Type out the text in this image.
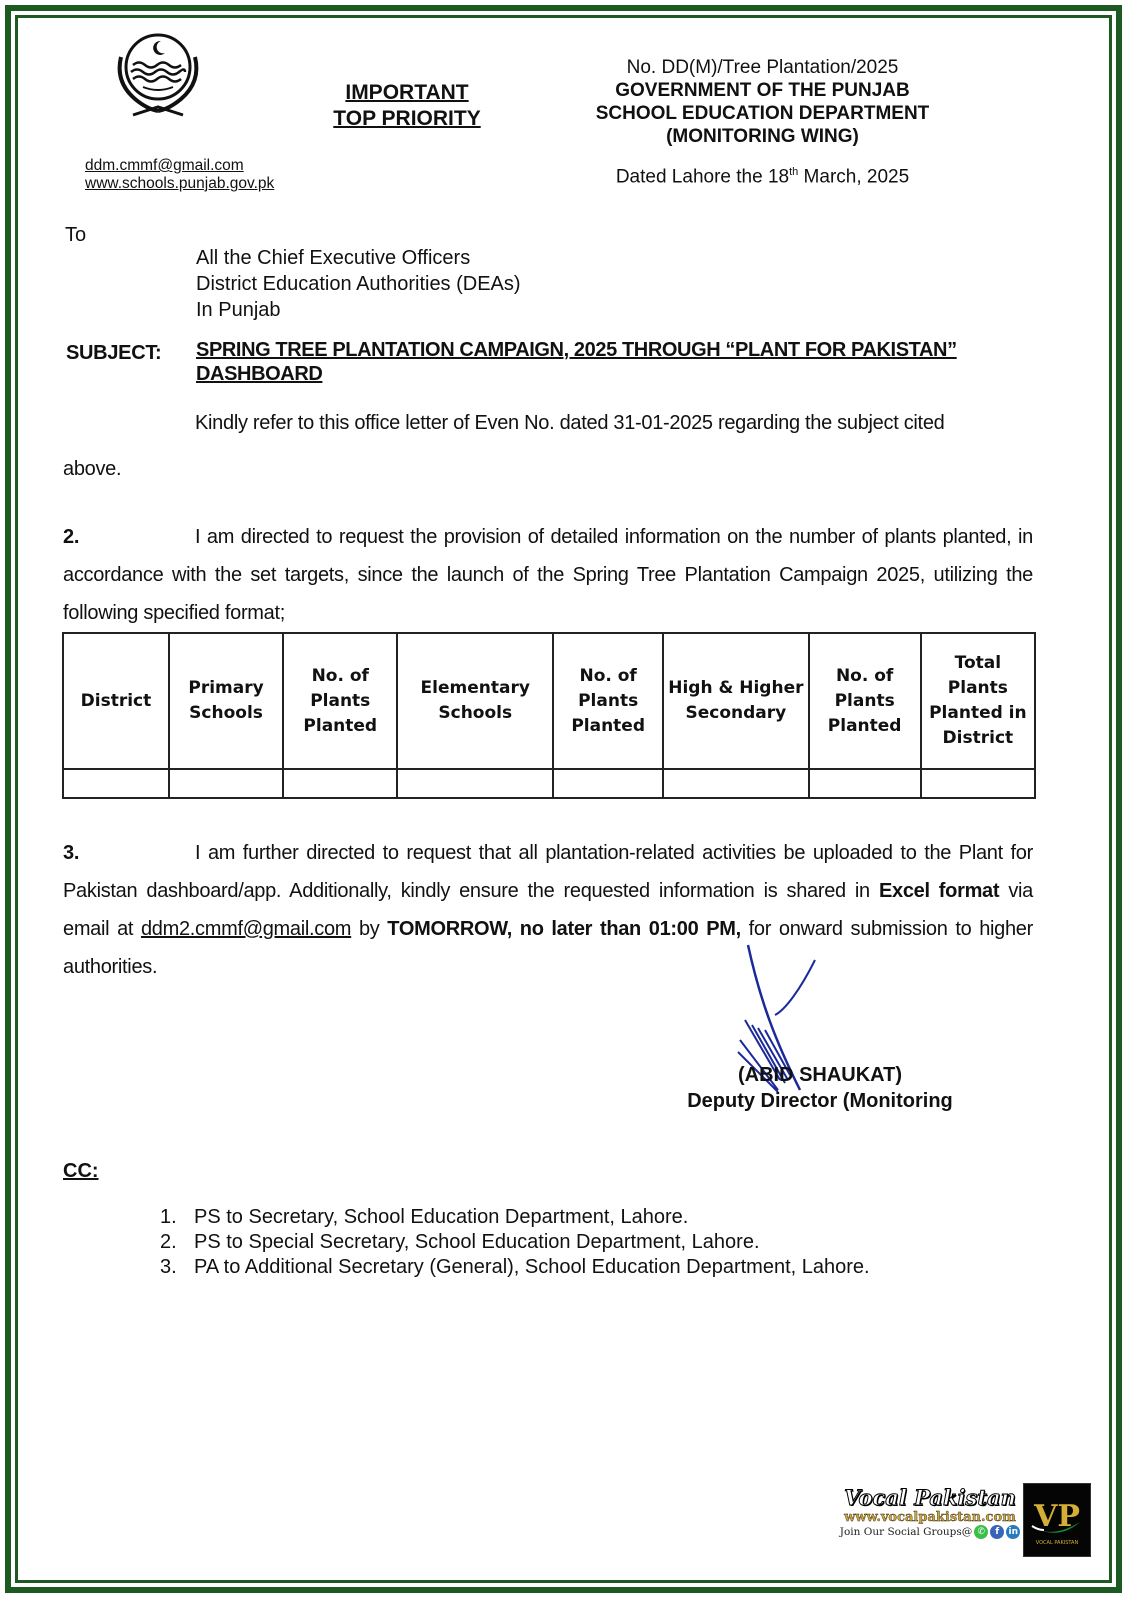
ddm.cmmf@gmail.com
www.schools.punjab.gov.pk
IMPORTANT
TOP PRIORITY
No. DD(M)/Tree Plantation/2025
GOVERNMENT OF THE PUNJAB
SCHOOL EDUCATION DEPARTMENT
(MONITORING WING)
Dated Lahore the 18th March, 2025
To
All the Chief Executive Officers
District Education Authorities (DEAs)
In Punjab
SUBJECT: SPRING TREE PLANTATION CAMPAIGN, 2025 THROUGH “PLANT FOR PAKISTAN” DASHBOARD
Kindly refer to this office letter of Even No. dated 31-01-2025 regarding the subject cited
above.
2.	I am directed to request the provision of detailed information on the number of plants planted, in accordance with the set targets, since the launch of the Spring Tree Plantation Campaign 2025, utilizing the following specified format;
District	Primary Schools	No. of Plants Planted	Elementary Schools	No. of Plants Planted	High & Higher Secondary	No. of Plants Planted	Total Plants Planted in District

3.	I am further directed to request that all plantation-related activities be uploaded to the Plant for Pakistan dashboard/app. Additionally, kindly ensure the requested information is shared in Excel format via email at ddm2.cmmf@gmail.com by TOMORROW, no later than 01:00 PM, for onward submission to higher authorities.
(ABID SHAUKAT)
Deputy Director (Monitoring
CC:
1. PS to Secretary, School Education Department, Lahore.
2. PS to Special Secretary, School Education Department, Lahore.
3. PA to Additional Secretary (General), School Education Department, Lahore.
Vocal Pakistan
www.vocalpakistan.com
Join Our Social Groups@ ✆	f	in VP
VOCAL PAKISTAN
